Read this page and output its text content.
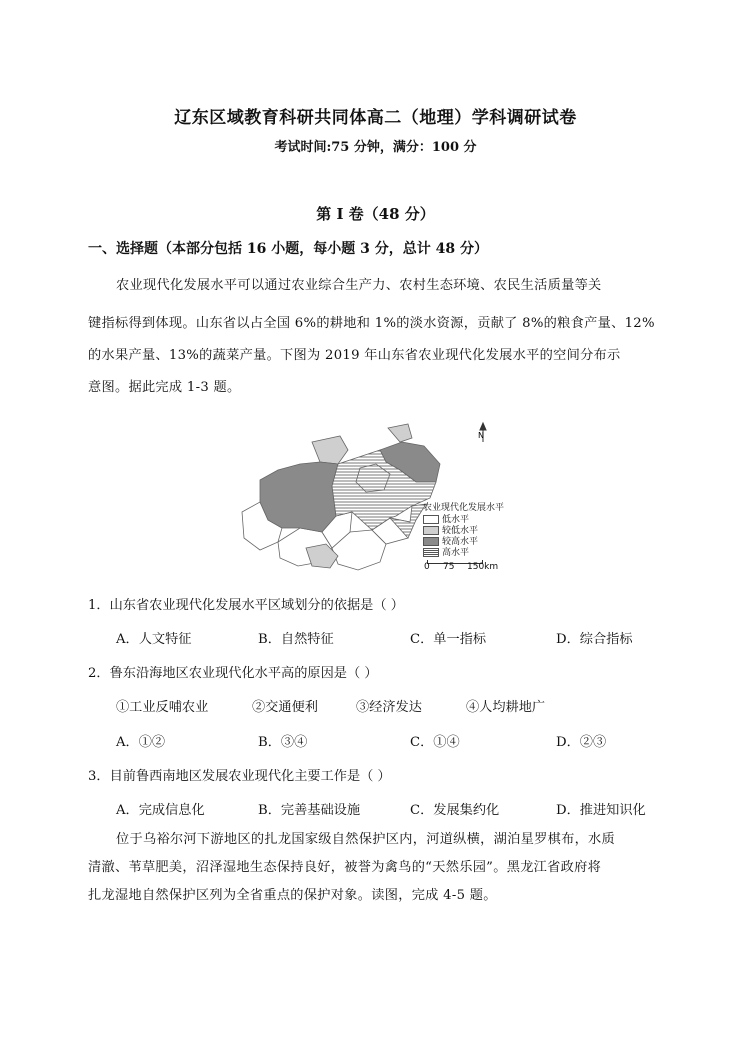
辽东区域教育科研共同体高二（地理）学科调研试卷
考试时间:75 分钟，满分：100 分
第 I 卷（48 分）
一、选择题（本部分包括 16 小题，每小题 3 分，总计 48 分）
农业现代化发展水平可以通过农业综合生产力、农村生态环境、农民生活质量等关
键指标得到体现。山东省以占全国 6%的耕地和 1%的淡水资源，贡献了 8%的粮食产量、12%
的水果产量、13%的蔬菜产量。下图为 2019 年山东省农业现代化发展水平的空间分布示
意图。据此完成 1-3 题。
N
农业现代化发展水平
低水平
较低水平
较高水平
高水平
0 75 150km
1．山东省农业现代化发展水平区域划分的依据是（ ）
A．人文特征	B．自然特征	C．单一指标	D．综合指标
2．鲁东沿海地区农业现代化水平高的原因是（ ）
①工业反哺农业	②交通便利	③经济发达	④人均耕地广
A．①②	B．③④	C．①④	D．②③
3．目前鲁西南地区发展农业现代化主要工作是（ ）
A．完成信息化	B．完善基础设施	C．发展集约化	D．推进知识化
位于乌裕尔河下游地区的扎龙国家级自然保护区内，河道纵横，湖泊星罗棋布，水质
清澈、苇草肥美，沼泽湿地生态保持良好，被誉为禽鸟的“天然乐园”。黑龙江省政府将
扎龙湿地自然保护区列为全省重点的保护对象。读图，完成 4-5 题。
